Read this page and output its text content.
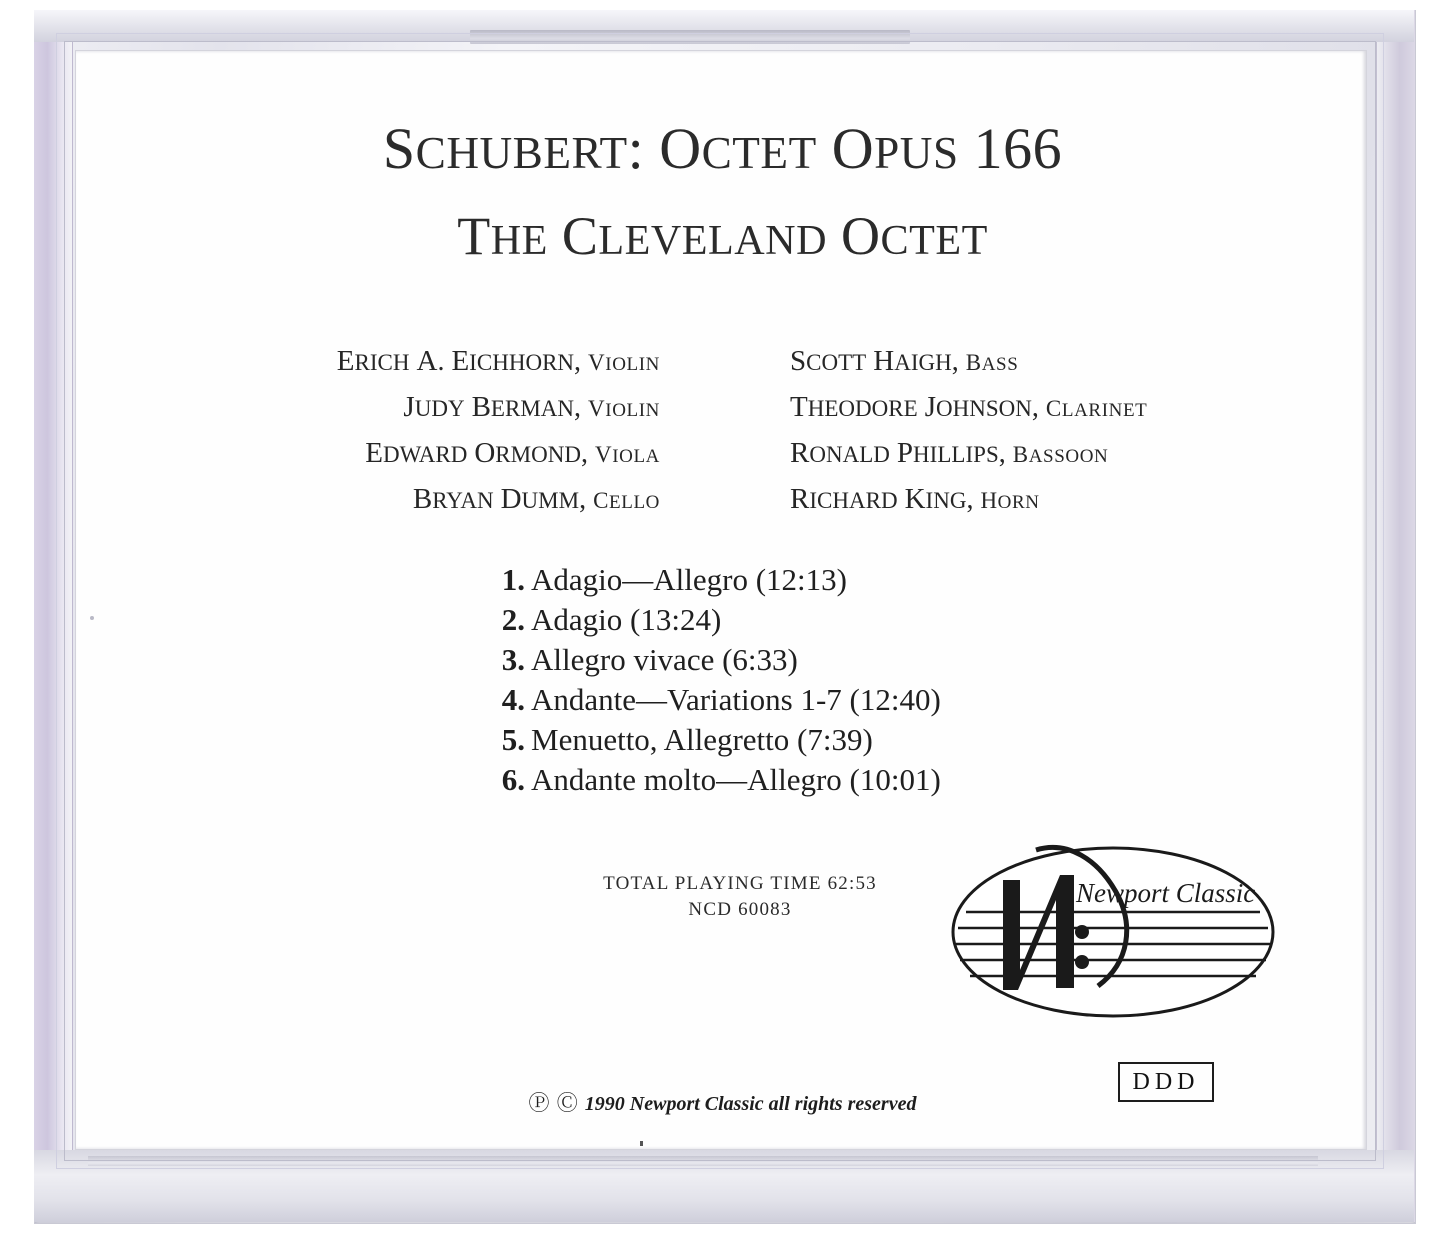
SCHUBERT: OCTET OPUS 166
THE CLEVELAND OCTET
ERICH A. EICHHORN, VIOLIN
JUDY BERMAN, VIOLIN
EDWARD ORMOND, VIOLA
BRYAN DUMM, CELLO
SCOTT HAIGH, BASS
THEODORE JOHNSON, CLARINET
RONALD PHILLIPS, BASSOON
RICHARD KING, HORN
1. Adagio—Allegro (12:13)
2. Adagio (13:24)
3. Allegro vivace (6:33)
4. Andante—Variations 1-7 (12:40)
5. Menuetto, Allegretto (7:39)
6. Andante molto—Allegro (10:01)
TOTAL PLAYING TIME 62:53
NCD 60083
Newport Classic
DDD
Ⓟ Ⓒ 1990 Newport Classic all rights reserved
